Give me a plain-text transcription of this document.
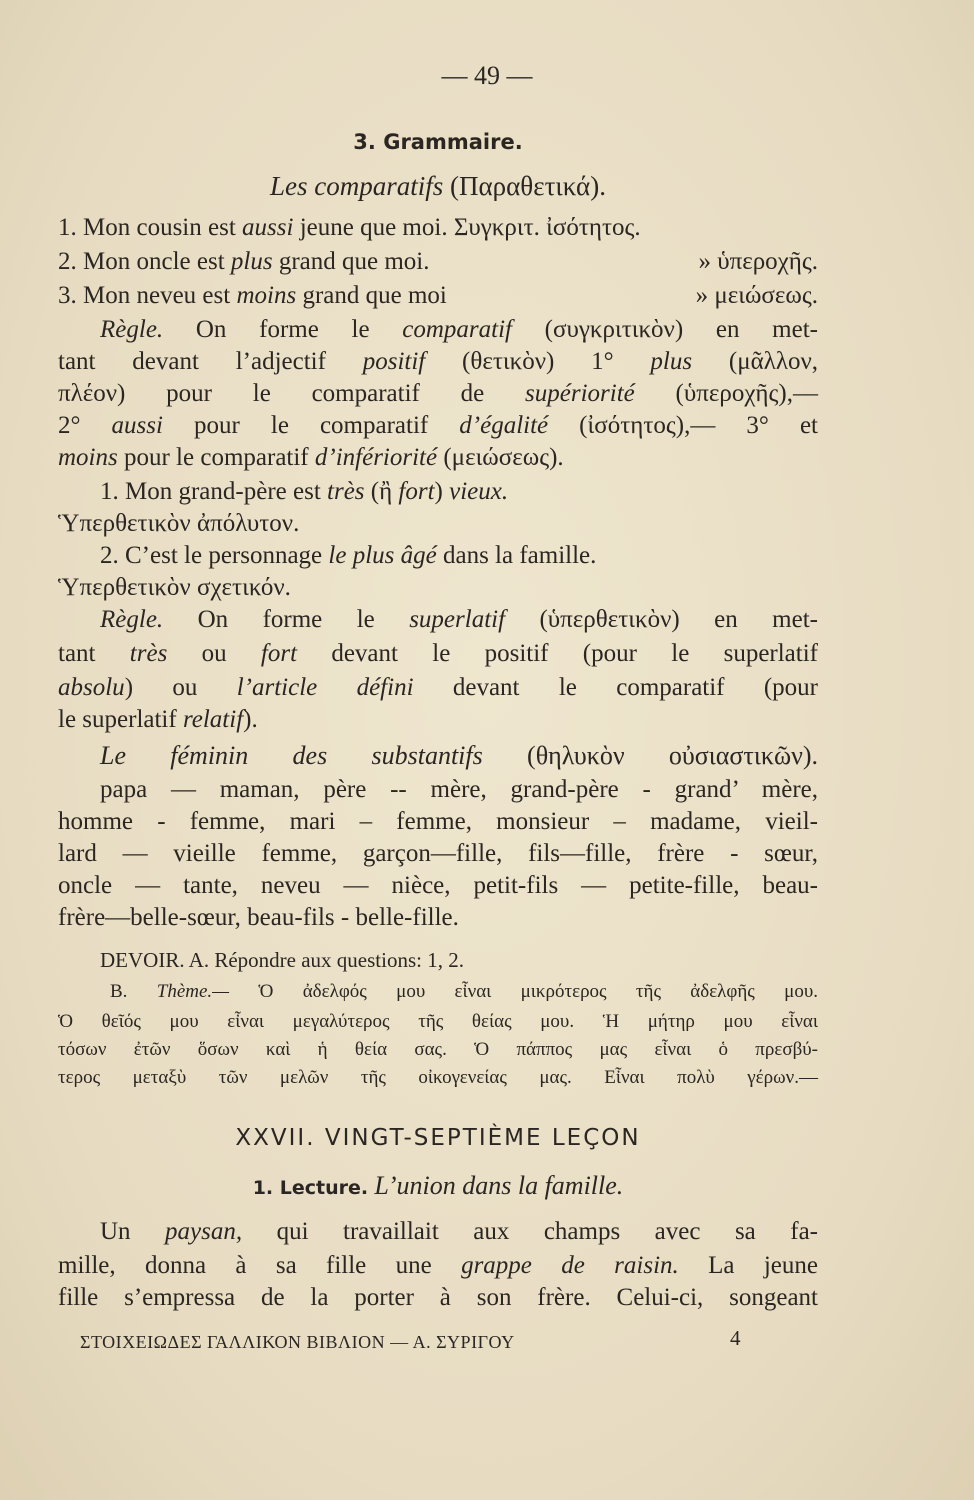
— 49 —
3. Grammaire.
Les comparatifs (Παραθετικά).
1. Mon cousin est aussi jeune que moi. Συγκριτ. ἰσότητος.
2. Mon oncle est plus grand que moi.	» ὑπεροχῆς.
3. Mon neveu est moins grand que moi	» μειώσεως.
Règle. On forme le comparatif (συγκριτικὸν) en met-
tant devant l’adjectif positif (θετικὸν) 1° plus (μᾶλλον,
πλέον) pour le comparatif de supériorité (ὑπεροχῆς),—
2° aussi pour le comparatif d’égalité (ἰσότητος),— 3° et
moins pour le comparatif d’infériorité (μειώσεως).
1. Mon grand-père est très (ἢ fort) vieux.
Ὑπερθετικὸν ἀπόλυτον.
2. C’est le personnage le plus âgé dans la famille.
Ὑπερθετικὸν σχετικόν.
Règle. On forme le superlatif (ὑπερθετικὸν) en met-
tant très ou fort devant le positif (pour le superlatif
absolu) ou l’article défini devant le comparatif (pour
le superlatif relatif).
Le féminin des substantifs (θηλυκὸν οὐσιαστικῶν).
papa — maman, père -- mère, grand-père - grand’ mère,
homme - femme, mari – femme, monsieur – madame, vieil-
lard — vieille femme, garçon—fille, fils—fille, frère - sœur,
oncle — tante, neveu — nièce, petit-fils — petite-fille, beau-
frère—belle-sœur, beau-fils - belle-fille.
DEVOIR. A. Répondre aux questions: 1, 2.
B. Thème.— Ὁ ἀδελφός μου εἶναι μικρότερος τῆς ἀδελφῆς μου.
Ὁ θεῖός μου εἶναι μεγαλύτερος τῆς θείας μου. Ἡ μήτηρ μου εἶναι
τόσων ἐτῶν ὅσων καὶ ἡ θεία σας. Ὁ πάππος μας εἶναι ὁ πρεσβύ-
τερος μεταξὺ τῶν μελῶν τῆς οἰκογενείας μας. Εἶναι πολὺ γέρων.—
XXVII. VINGT-SEPTIÈME LEÇON
1. Lecture. L’union dans la famille.
Un paysan, qui travaillait aux champs avec sa fa-
mille, donna à sa fille une grappe de raisin. La jeune
fille s’empressa de la porter à son frère. Celui-ci, songeant
ΣΤΟΙΧΕΙΩΔΕΣ ΓΑΛΛΙΚΟΝ ΒΙΒΛΙΟΝ — Α. ΣΥΡΙΓΟΥ	4
